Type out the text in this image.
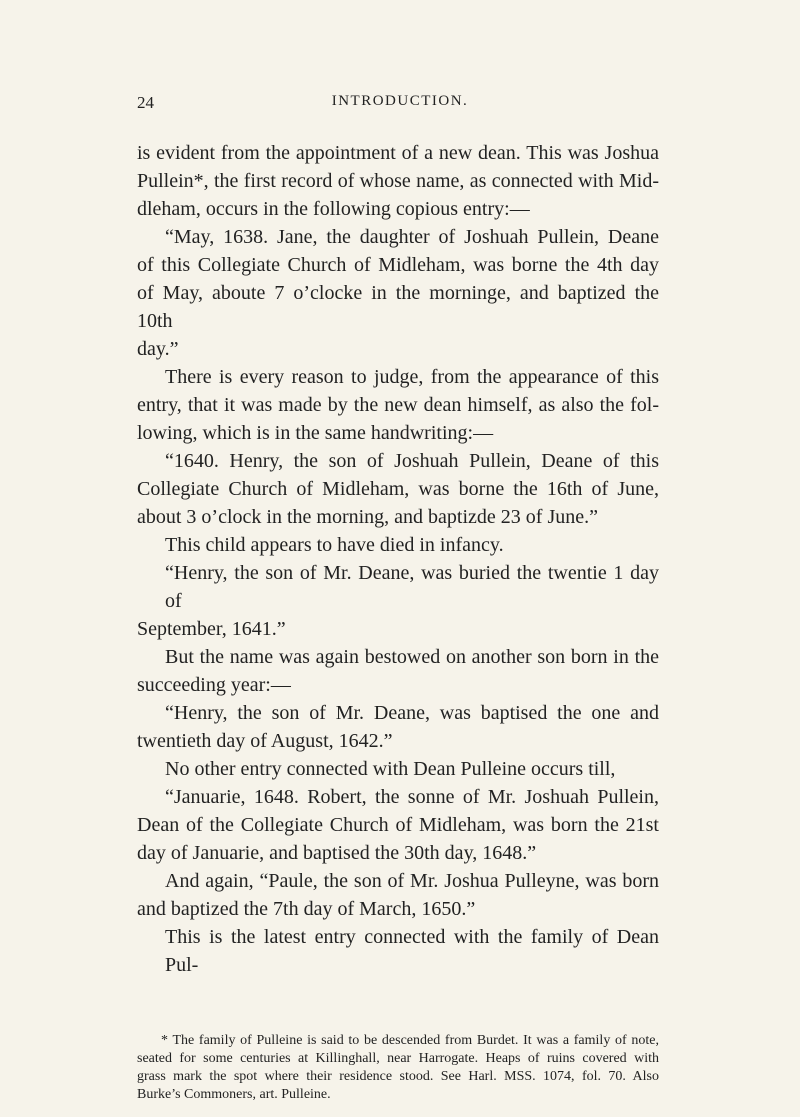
24	INTRODUCTION.
is evident from the appointment of a new dean. This was Joshua
Pullein*, the first record of whose name, as connected with Mid-
dleham, occurs in the following copious entry:—
“May, 1638. Jane, the daughter of Joshuah Pullein, Deane
of this Collegiate Church of Midleham, was borne the 4th day
of May, aboute 7 o’clocke in the morninge, and baptized the 10th
day.”
There is every reason to judge, from the appearance of this
entry, that it was made by the new dean himself, as also the fol-
lowing, which is in the same handwriting:—
“1640. Henry, the son of Joshuah Pullein, Deane of this
Collegiate Church of Midleham, was borne the 16th of June,
about 3 o’clock in the morning, and baptizde 23 of June.”
This child appears to have died in infancy.
“Henry, the son of Mr. Deane, was buried the twentie 1 day of
September, 1641.”
But the name was again bestowed on another son born in the
succeeding year:—
“Henry, the son of Mr. Deane, was baptised the one and
twentieth day of August, 1642.”
No other entry connected with Dean Pulleine occurs till,
“Januarie, 1648. Robert, the sonne of Mr. Joshuah Pullein,
Dean of the Collegiate Church of Midleham, was born the 21st
day of Januarie, and baptised the 30th day, 1648.”
And again, “Paule, the son of Mr. Joshua Pulleyne, was born
and baptized the 7th day of March, 1650.”
This is the latest entry connected with the family of Dean Pul-
* The family of Pulleine is said to be descended from Burdet. It was a family of note,
seated for some centuries at Killinghall, near Harrogate. Heaps of ruins covered with
grass mark the spot where their residence stood. See Harl. MSS. 1074, fol. 70. Also
Burke’s Commoners, art. Pulleine.
